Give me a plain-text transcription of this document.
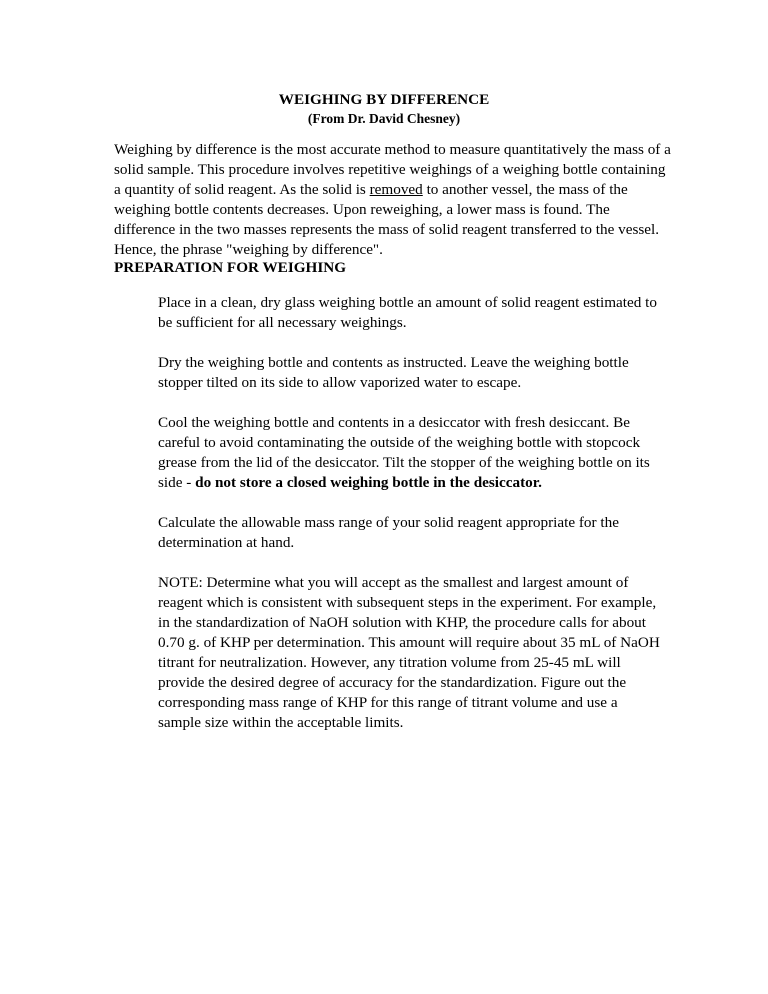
WEIGHING BY DIFFERENCE
(From Dr. David Chesney)

Weighing by difference is the most accurate method to measure quantitatively the mass of a solid sample. This procedure involves repetitive weighings of a weighing bottle containing a quantity of solid reagent. As the solid is removed to another vessel, the mass of the weighing bottle contents decreases. Upon reweighing, a lower mass is found. The difference in the two masses represents the mass of solid reagent transferred to the vessel. Hence, the phrase "weighing by difference".

PREPARATION FOR WEIGHING

Place in a clean, dry glass weighing bottle an amount of solid reagent estimated to be sufficient for all necessary weighings.

Dry the weighing bottle and contents as instructed. Leave the weighing bottle stopper tilted on its side to allow vaporized water to escape.

Cool the weighing bottle and contents in a desiccator with fresh desiccant. Be careful to avoid contaminating the outside of the weighing bottle with stopcock grease from the lid of the desiccator. Tilt the stopper of the weighing bottle on its side - do not store a closed weighing bottle in the desiccator.

Calculate the allowable mass range of your solid reagent appropriate for the determination at hand.

NOTE: Determine what you will accept as the smallest and largest amount of reagent which is consistent with subsequent steps in the experiment. For example, in the standardization of NaOH solution with KHP, the procedure calls for about 0.70 g. of KHP per determination. This amount will require about 35 mL of NaOH titrant for neutralization. However, any titration volume from 25-45 mL will provide the desired degree of accuracy for the standardization. Figure out the corresponding mass range of KHP for this range of titrant volume and use a sample size within the acceptable limits.
